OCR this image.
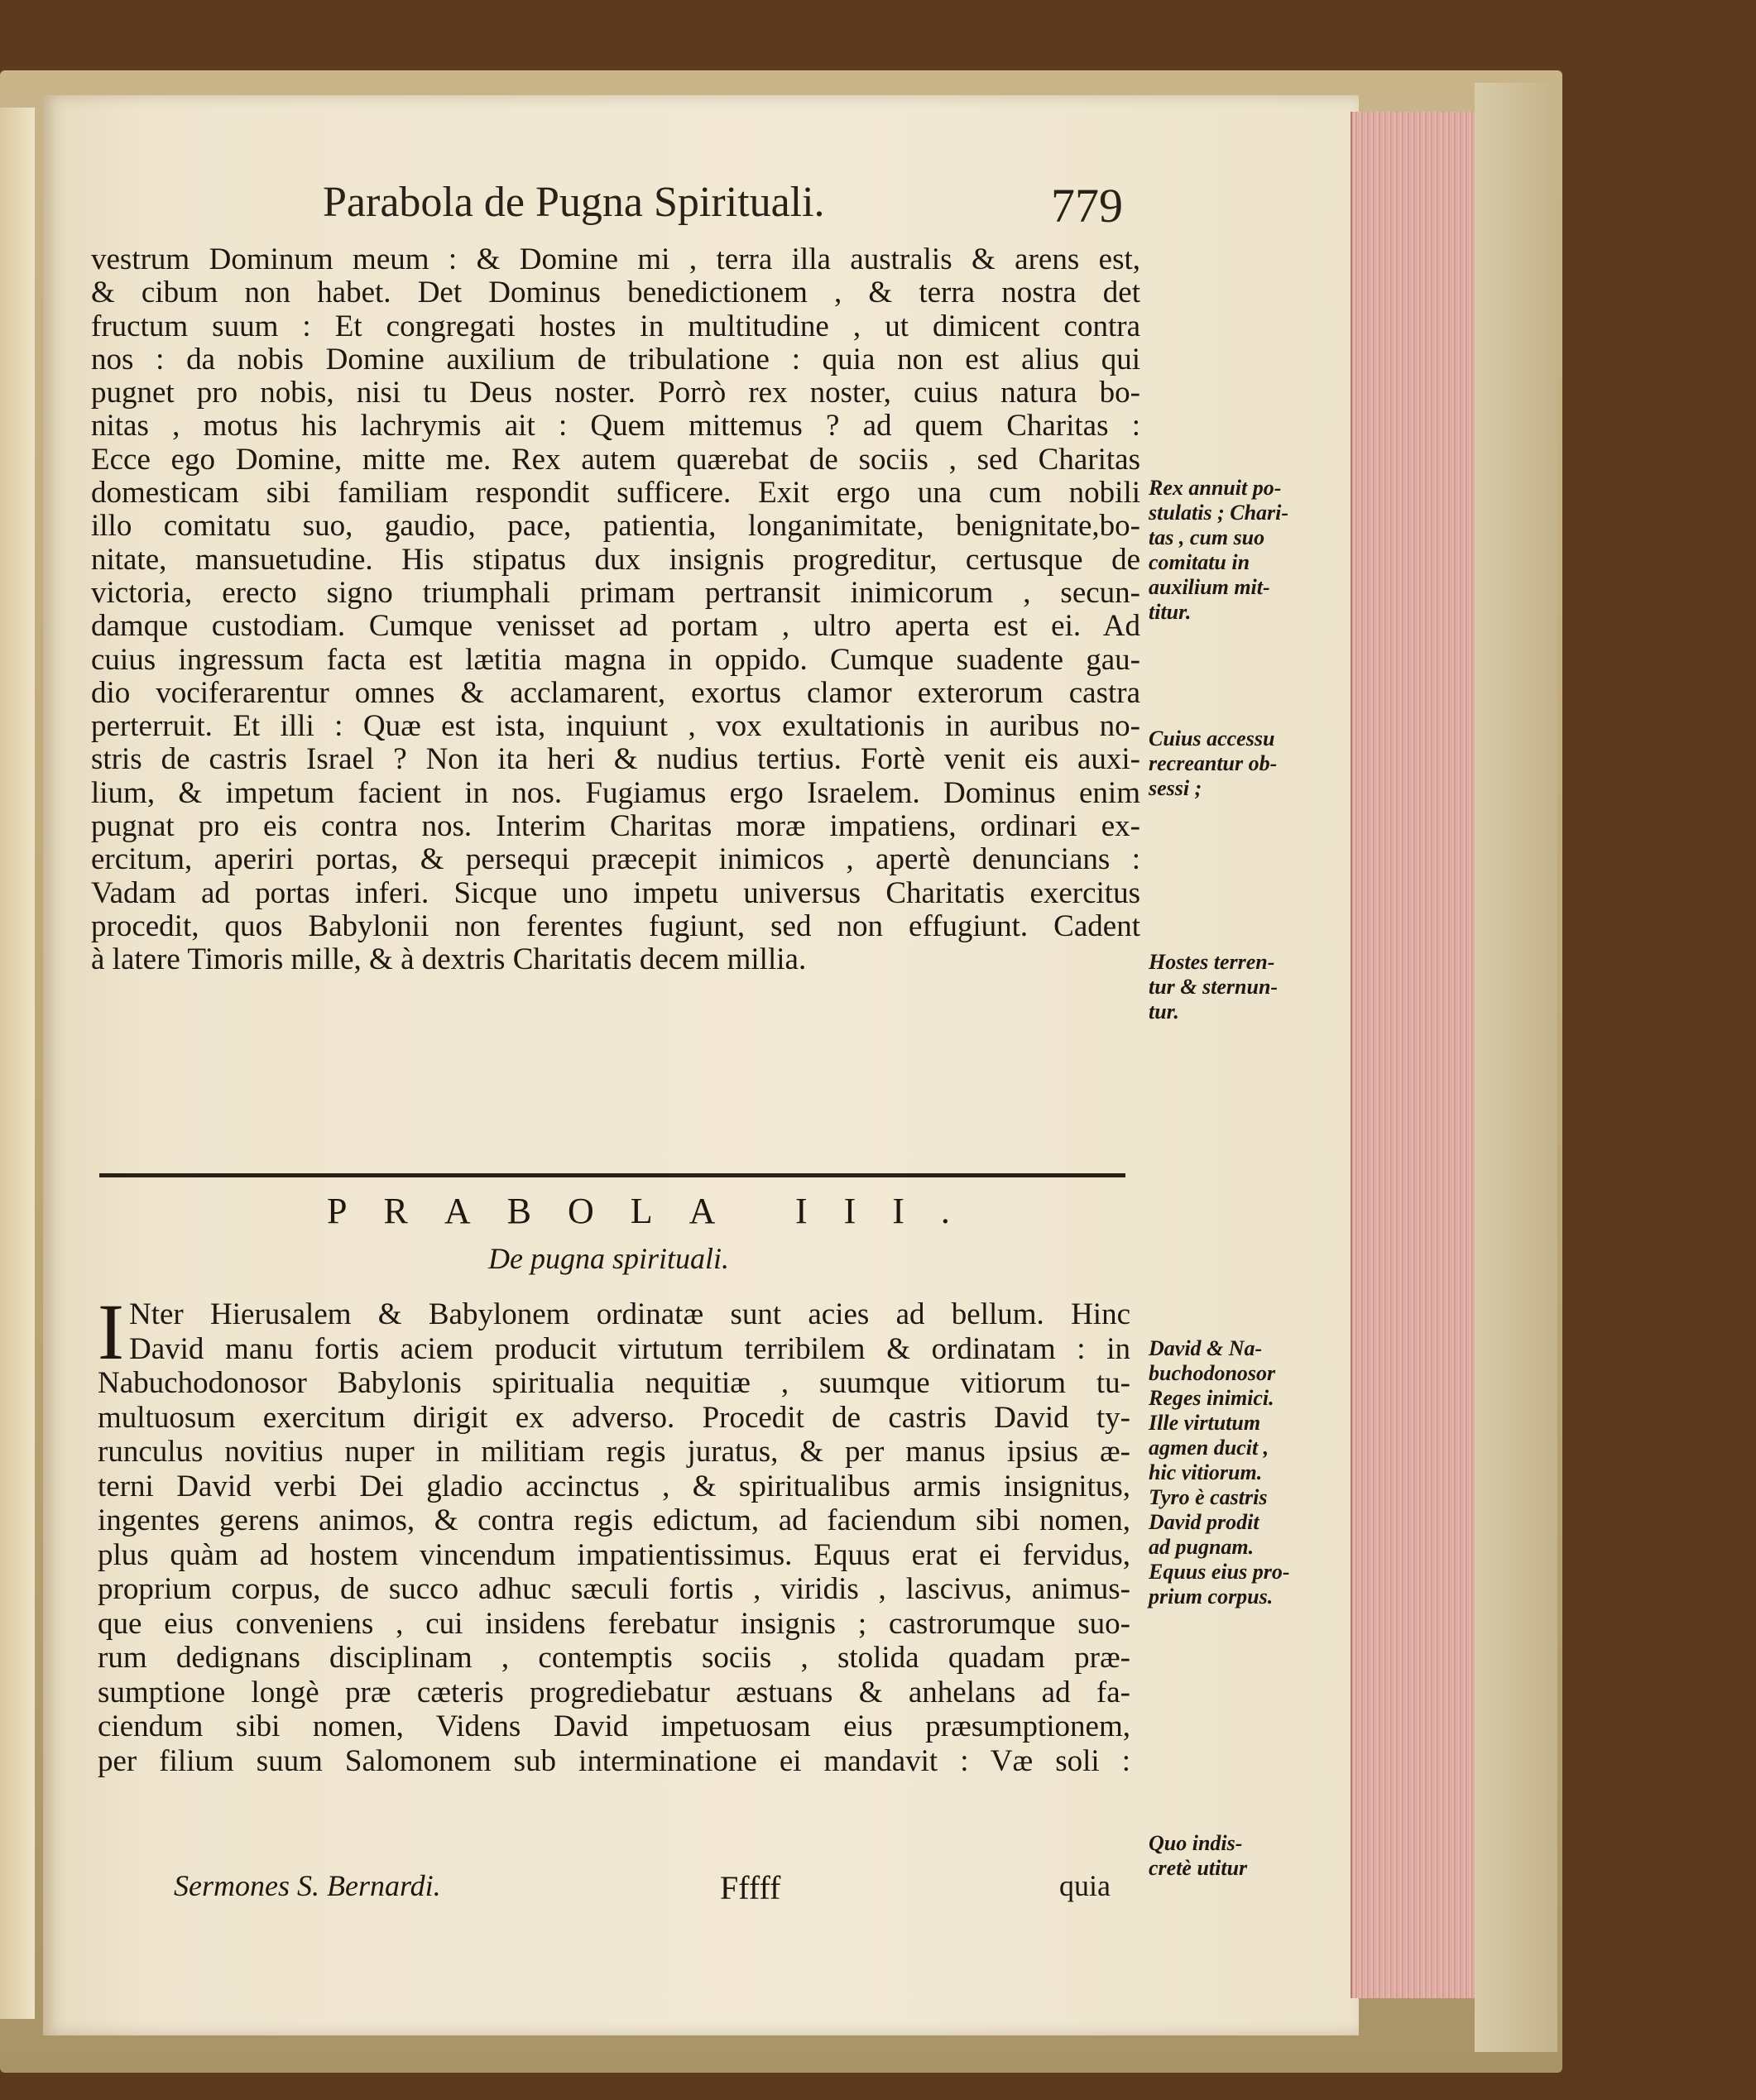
Parabola de Pugna Spirituali.	779
vestrum Dominum meum : & Domine mi , terra illa australis & arens est,
& cibum non habet. Det Dominus benedictionem , & terra nostra det
fructum suum : Et congregati hostes in multitudine , ut dimicent contra
nos : da nobis Domine auxilium de tribulatione : quia non est alius qui
pugnet pro nobis, nisi tu Deus noster. Porrò rex noster, cuius natura bo-
nitas , motus his lachrymis ait : Quem mittemus ? ad quem Charitas :
Ecce ego Domine, mitte me. Rex autem quærebat de sociis , sed Charitas
domesticam sibi familiam respondit sufficere. Exit ergo una cum nobili
illo comitatu suo, gaudio, pace, patientia, longanimitate, benignitate,bo-
nitate, mansuetudine. His stipatus dux insignis progreditur, certusque de
victoria, erecto signo triumphali primam pertransit inimicorum , secun-
damque custodiam. Cumque venisset ad portam , ultro aperta est ei. Ad
cuius ingressum facta est lætitia magna in oppido. Cumque suadente gau-
dio vociferarentur omnes & acclamarent, exortus clamor exterorum castra
perterruit. Et illi : Quæ est ista, inquiunt , vox exultationis in auribus no-
stris de castris Israel ? Non ita heri & nudius tertius. Fortè venit eis auxi-
lium, & impetum facient in nos. Fugiamus ergo Israelem. Dominus enim
pugnat pro eis contra nos. Interim Charitas moræ impatiens, ordinari ex-
ercitum, aperiri portas, & persequi præcepit inimicos , apertè denuncians :
Vadam ad portas inferi. Sicque uno impetu universus Charitatis exercitus
procedit, quos Babylonii non ferentes fugiunt, sed non effugiunt. Cadent
à latere Timoris mille, & à dextris Charitatis decem millia.
PRABOLA III.
De pugna spirituali.
I Nter Hierusalem & Babylonem ordinatæ sunt acies ad bellum. Hinc
David manu fortis aciem producit virtutum terribilem & ordinatam : in
Nabuchodonosor Babylonis spiritualia nequitiæ , suumque vitiorum tu-
multuosum exercitum dirigit ex adverso. Procedit de castris David ty-
runculus novitius nuper in militiam regis juratus, & per manus ipsius æ-
terni David verbi Dei gladio accinctus , & spiritualibus armis insignitus,
ingentes gerens animos, & contra regis edictum, ad faciendum sibi nomen,
plus quàm ad hostem vincendum impatientissimus. Equus erat ei fervidus,
proprium corpus, de succo adhuc sæculi fortis , viridis , lascivus, animus-
que eius conveniens , cui insidens ferebatur insignis ; castrorumque suo-
rum dedignans disciplinam , contemptis sociis , stolida quadam præ-
sumptione longè præ cæteris progrediebatur æstuans & anhelans ad fa-
ciendum sibi nomen, Videns David impetuosam eius præsumptionem,
per filium suum Salomonem sub interminatione ei mandavit : Væ soli :
Sermones S. Bernardi.	Fffff	quia
Rex annuit po-
stulatis ; Chari-
tas , cum suo
comitatu in
auxilium mit-
titur.
Cuius accessu
recreantur ob-
sessi ;
Hostes terren-
tur & sternun-
tur.
David & Na-
buchodonosor
Reges inimici.
Ille virtutum
agmen ducit ,
hic vitiorum.
Tyro è castris
David prodit
ad pugnam.
Equus eius pro-
prium corpus.
Quo indis-
cretè utitur
